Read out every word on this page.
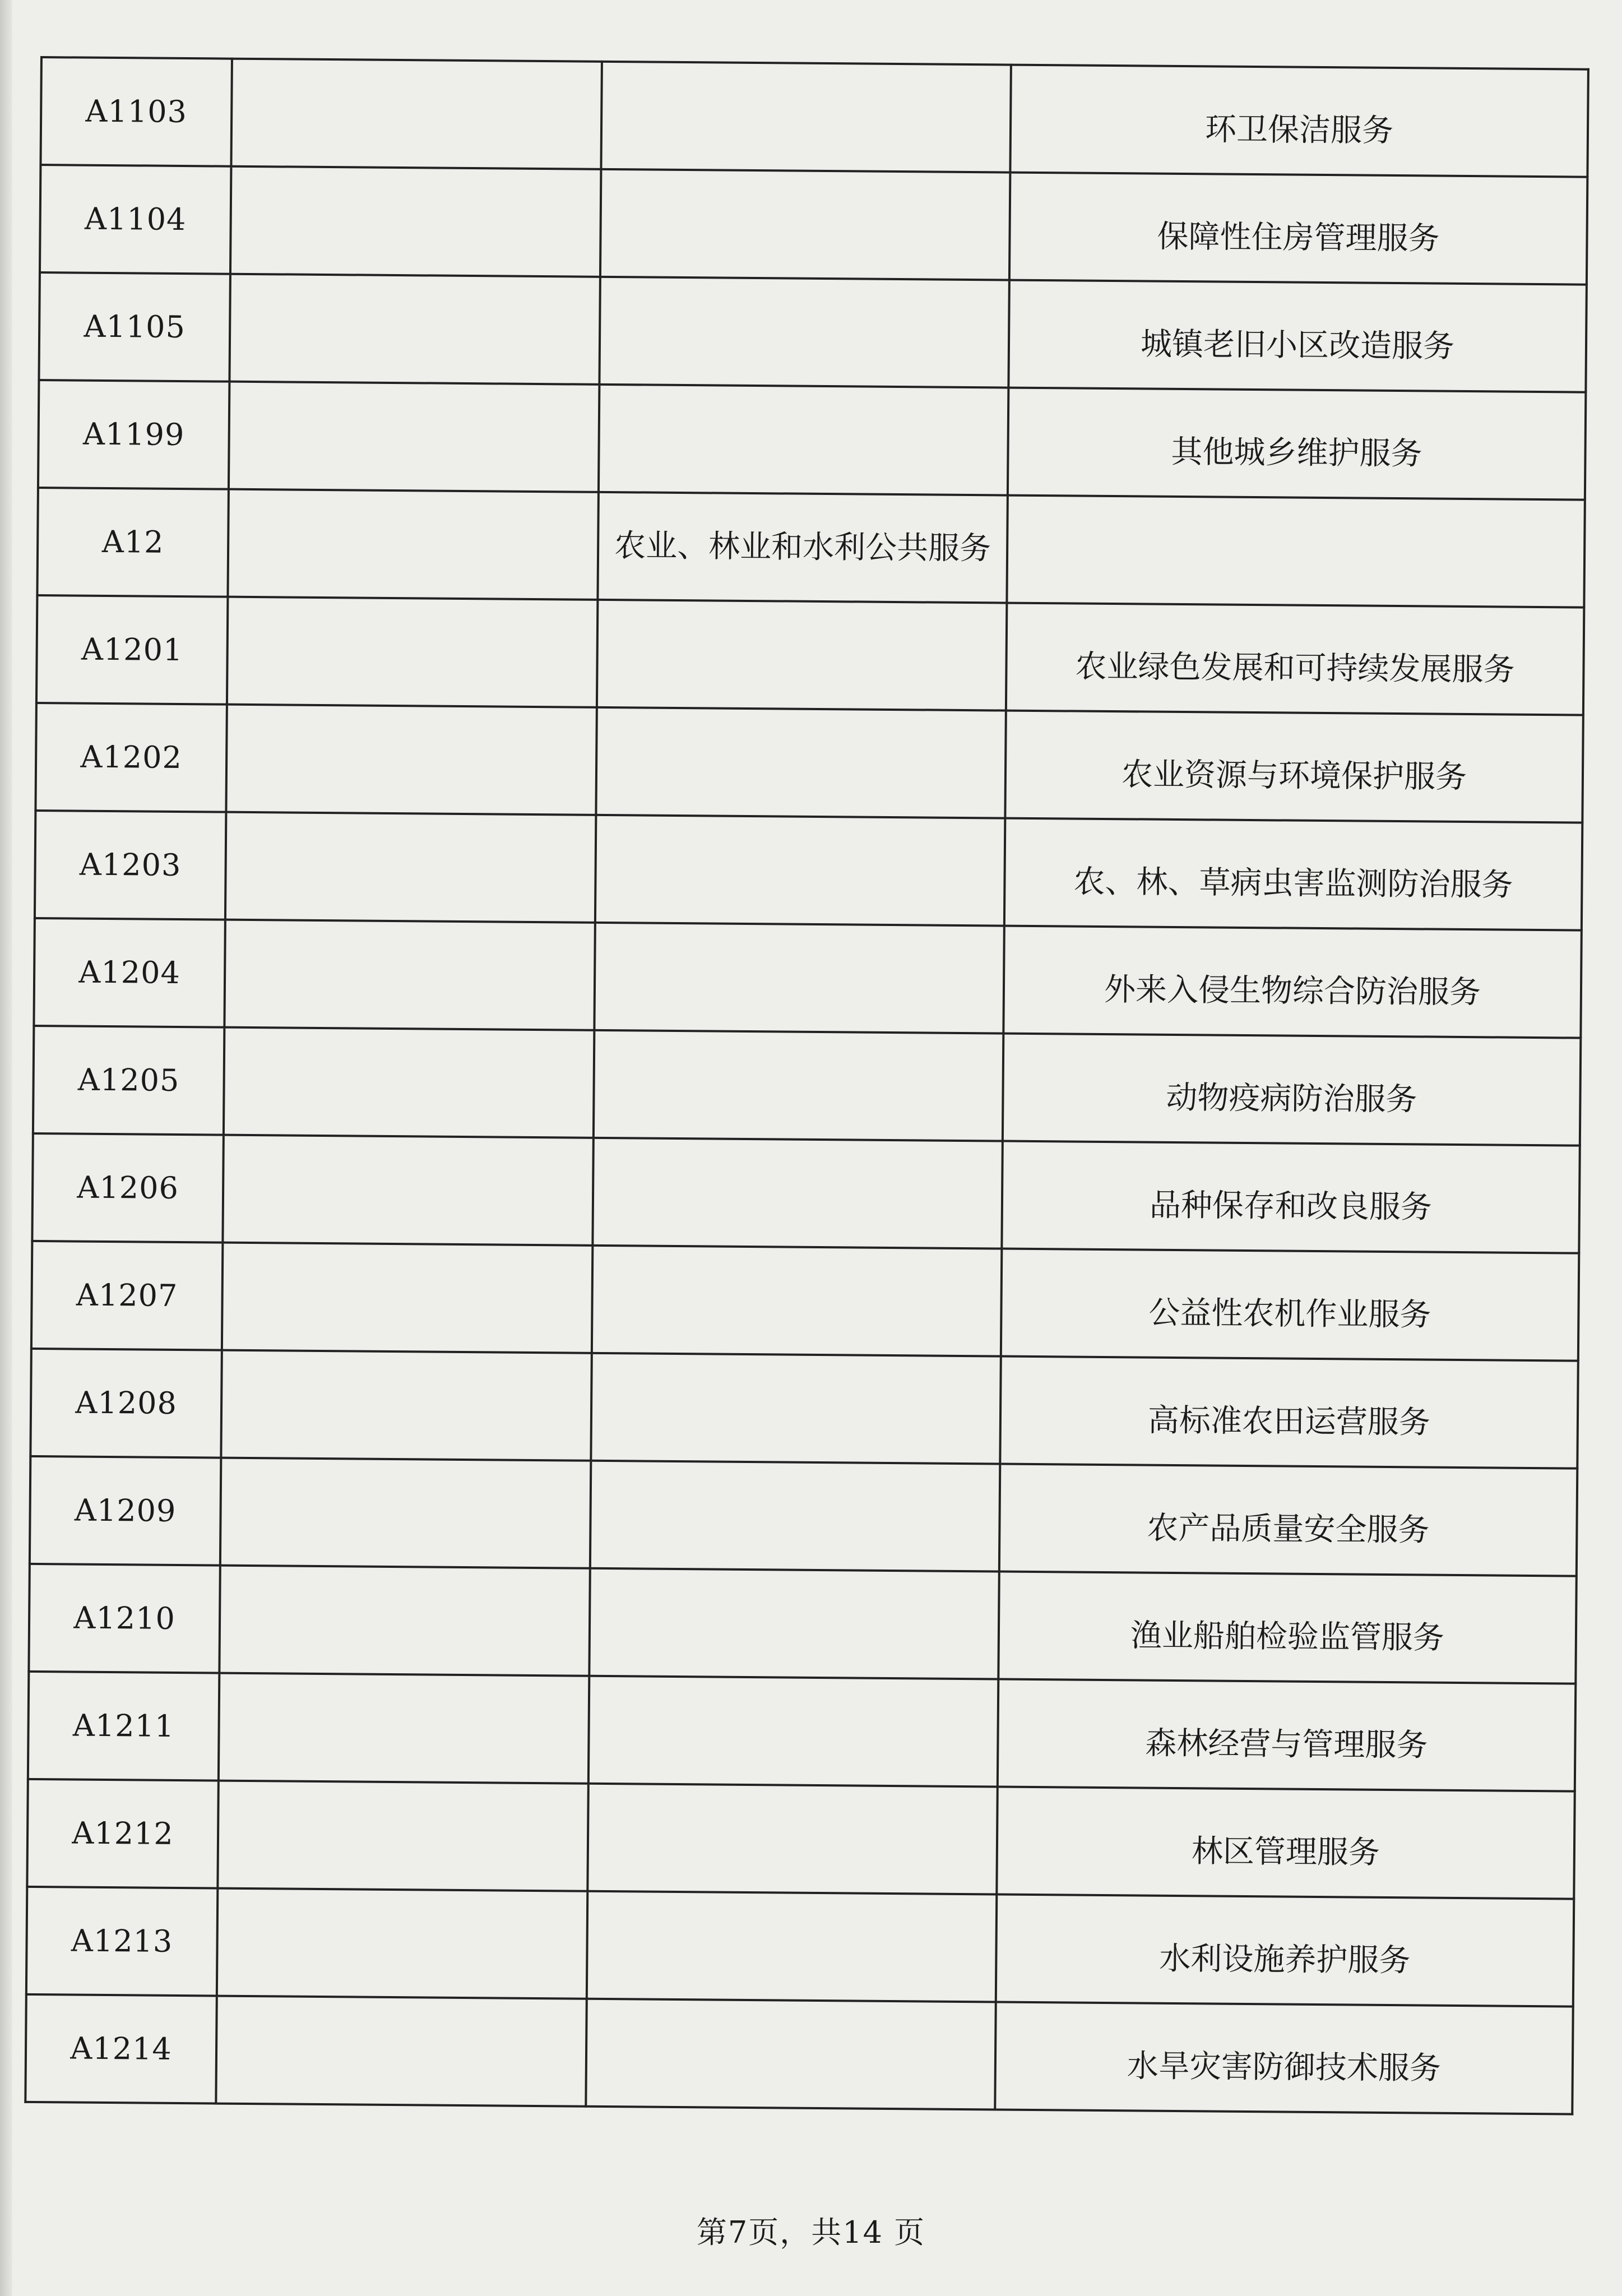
A1103			环卫保洁服务
A1104			保障性住房管理服务
A1105			城镇老旧小区改造服务
A1199			其他城乡维护服务
A12		农业、林业和水利公共服务	
A1201			农业绿色发展和可持续发展服务
A1202			农业资源与环境保护服务
A1203			农、林、草病虫害监测防治服务
A1204			外来入侵生物综合防治服务
A1205			动物疫病防治服务
A1206			品种保存和改良服务
A1207			公益性农机作业服务
A1208			高标准农田运营服务
A1209			农产品质量安全服务
A1210			渔业船舶检验监管服务
A1211			森林经营与管理服务
A1212			林区管理服务
A1213			水利设施养护服务
A1214			水旱灾害防御技术服务
第7页，共14 页
